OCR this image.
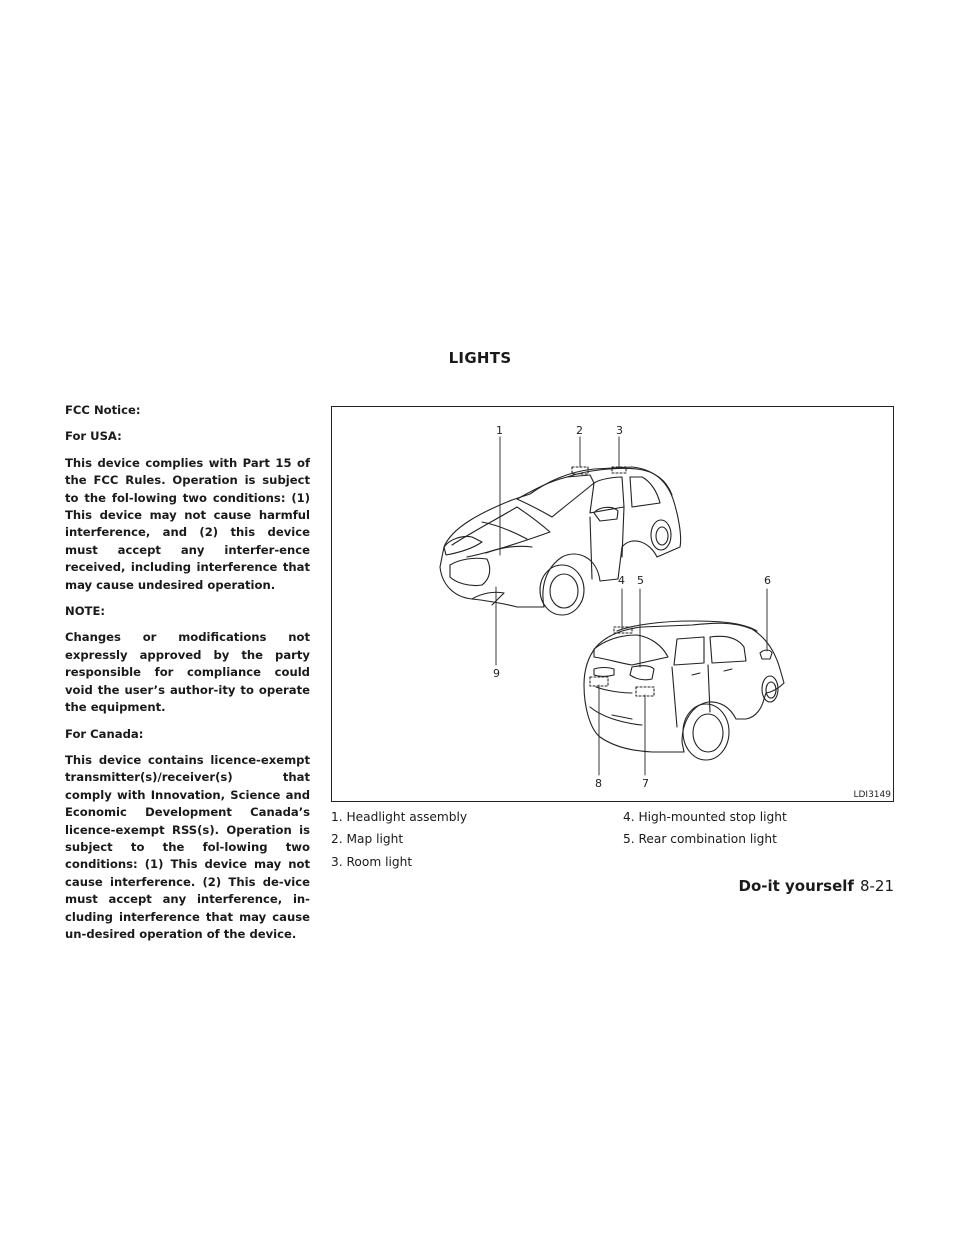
LIGHTS

FCC Notice:

For USA:

This device complies with Part 15 of the FCC Rules. Operation is subject to the fol-lowing two conditions: (1) This device may not cause harmful interference, and (2) this device must accept any interfer-ence received, including interference that may cause undesired operation.

NOTE:

Changes or modifications not expressly approved by the party responsible for compliance could void the user’s author-ity to operate the equipment.

For Canada:

This device contains licence-exempt transmitter(s)/receiver(s) that comply with Innovation, Science and Economic Development Canada’s licence-exempt RSS(s). Operation is subject to the fol-lowing two conditions: (1) This device may not cause interference. (2) This de-vice must accept any interference, in-cluding interference that may cause un-desired operation of the device.

1	2	3
4 5	6
7
8
9
LDI3149
1. Headlight assembly
2. Map light
3. Room light
4. High-mounted stop light
5. Rear combination light
Do-it yourself 8-21
